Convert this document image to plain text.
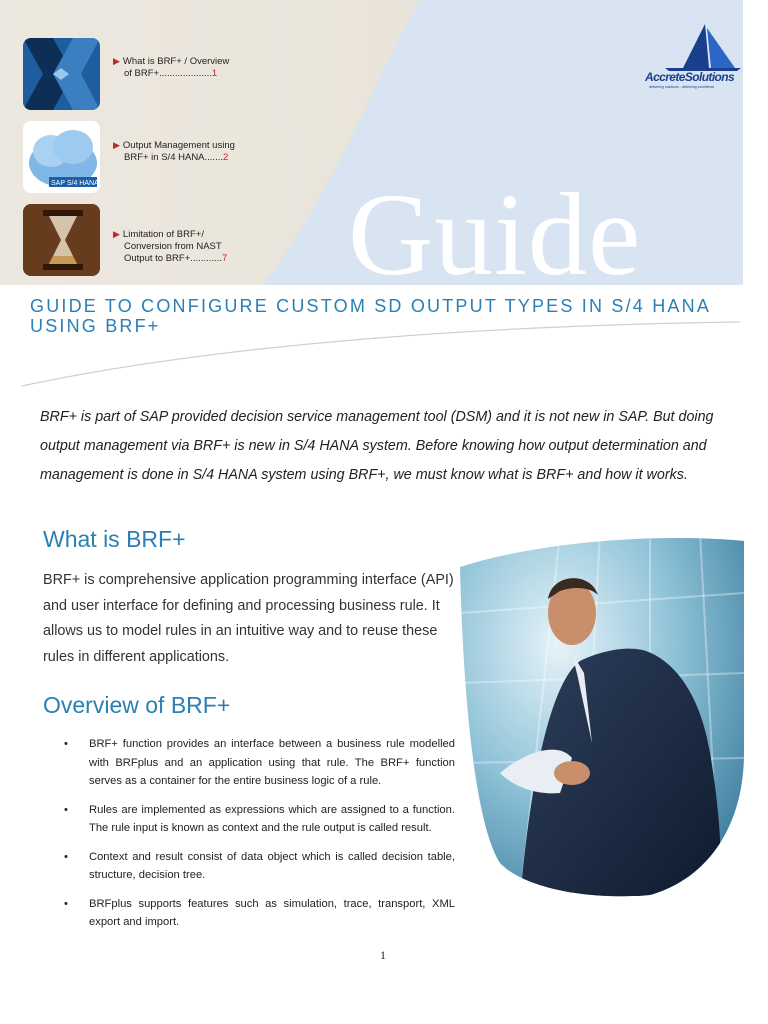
Guide
SAP S/4 HANA
▶ What is BRF+ / Overview
of BRF+....................1
▶ Output Management using
BRF+ in S/4 HANA.......2
▶ Limitation of BRF+/
Conversion from NAST
Output to BRF+............7
AccreteSolutions
delivering solutions . delivering excellence
GUIDE TO CONFIGURE CUSTOM SD OUTPUT TYPES IN S/4 HANA USING BRF+
BRF+ is part of SAP provided decision service management tool (DSM) and it is not new in SAP. But doing output management via BRF+ is new in S/4 HANA system. Before knowing how output determination and management is done in S/4 HANA system using BRF+, we must know what is BRF+ and how it works.
What is BRF+
BRF+ is comprehensive application programming interface (API) and user interface for defining and processing business rule. It allows us to model rules in an intuitive way and to reuse these rules in different applications.
Overview of BRF+
• BRF+ function provides an interface between a business rule modelled with BRFplus and an application using that rule. The BRF+ function serves as a container for the entire business logic of a rule.
• Rules are implemented as expressions which are assigned to a function. The rule input is known as context and the rule output is called result.
• Context and result consist of data object which is called decision table, structure, decision tree.
• BRFplus supports features such as simulation, trace, transport, XML export and import.
1
